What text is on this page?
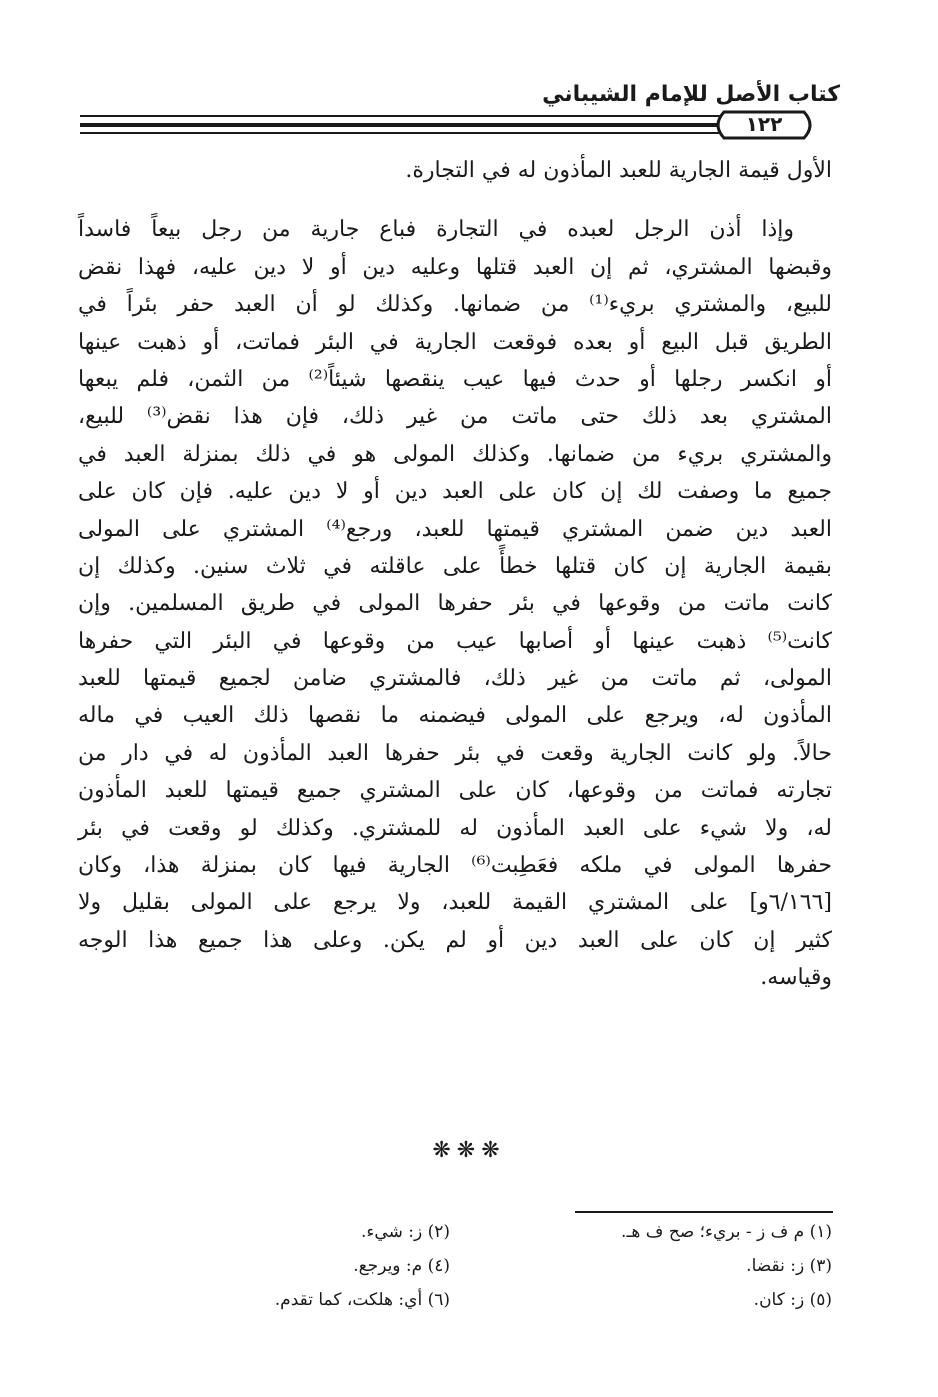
كتاب الأصل للإمام الشيباني
١٢٢
الأول قيمة الجارية للعبد المأذون له في التجارة.
وإذا أذن الرجل لعبده في التجارة فباع جارية من رجل بيعاً فاسداً
وقبضها المشتري، ثم إن العبد قتلها وعليه دين أو لا دين عليه، فهذا نقض
للبيع، والمشتري بريء⁽¹⁾ من ضمانها. وكذلك لو أن العبد حفر بئراً في
الطريق قبل البيع أو بعده فوقعت الجارية في البئر فماتت، أو ذهبت عينها
أو انكسر رجلها أو حدث فيها عيب ينقصها شيئاً⁽²⁾ من الثمن، فلم يبعها
المشتري بعد ذلك حتى ماتت من غير ذلك، فإن هذا نقض⁽³⁾ للبيع،
والمشتري بريء من ضمانها. وكذلك المولى هو في ذلك بمنزلة العبد في
جميع ما وصفت لك إن كان على العبد دين أو لا دين عليه. فإن كان على
العبد دين ضمن المشتري قيمتها للعبد، ورجع⁽⁴⁾ المشتري على المولى
بقيمة الجارية إن كان قتلها خطأً على عاقلته في ثلاث سنين. وكذلك إن
كانت ماتت من وقوعها في بئر حفرها المولى في طريق المسلمين. وإن
كانت⁽⁵⁾ ذهبت عينها أو أصابها عيب من وقوعها في البئر التي حفرها
المولى، ثم ماتت من غير ذلك، فالمشتري ضامن لجميع قيمتها للعبد
المأذون له، ويرجع على المولى فيضمنه ما نقصها ذلك العيب في ماله
حالاً. ولو كانت الجارية وقعت في بئر حفرها العبد المأذون له في دار من
تجارته فماتت من وقوعها، كان على المشتري جميع قيمتها للعبد المأذون
له، ولا شيء على العبد المأذون له للمشتري. وكذلك لو وقعت في بئر
حفرها المولى في ملكه فعَطِبت⁽⁶⁾ الجارية فيها كان بمنزلة هذا، وكان
[٦/١٦٦و] على المشتري القيمة للعبد، ولا يرجع على المولى بقليل ولا
كثير إن كان على العبد دين أو لم يكن. وعلى هذا جميع هذا الوجه
وقياسه.
❋❋❋
(١) م ف ز - بريء؛ صح ف هـ.
(٢) ز: شيء.
(٣) ز: نقضا.
(٤) م: ويرجع.
(٥) ز: كان.
(٦) أي: هلكت، كما تقدم.
